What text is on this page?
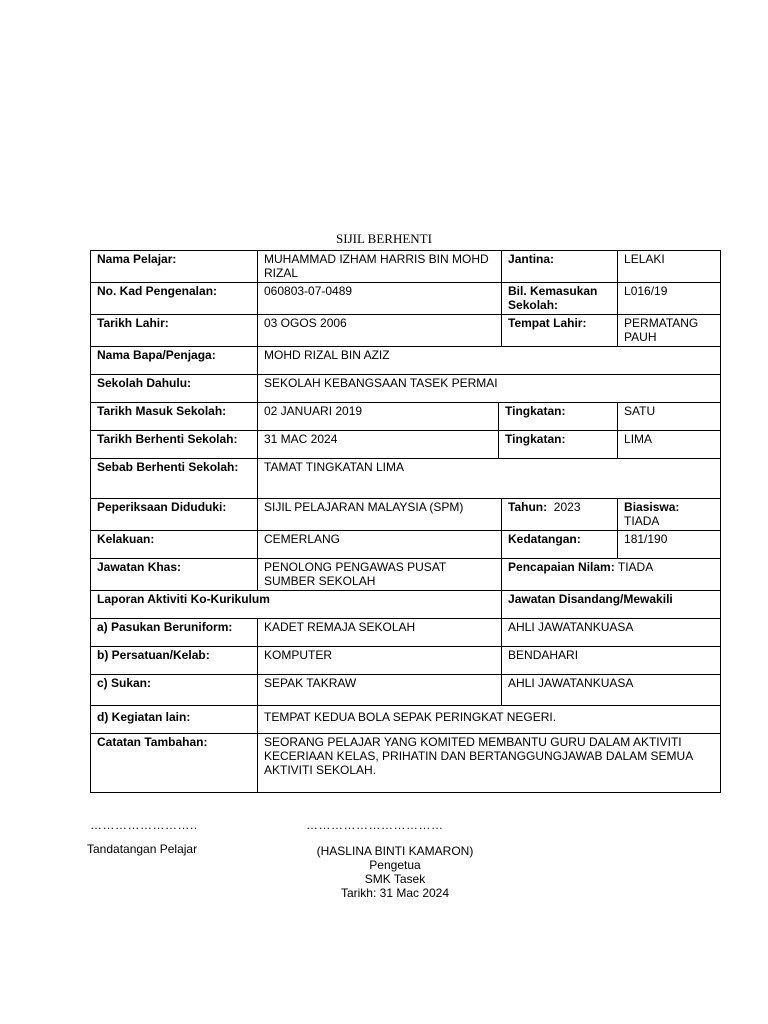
SIJIL BERHENTI
Nama Pelajar:	MUHAMMAD IZHAM HARRIS BIN MOHD RIZAL		Jantina:	LELAKI
No. Kad Pengenalan:	060803-07-0489		Bil. Kemasukan Sekolah:	L016/19
Tarikh Lahir:	03 OGOS 2006		Tempat Lahir:	PERMATANG PAUH
Nama Bapa/Penjaga:	MOHD RIZAL BIN AZIZ			
Sekolah Dahulu:	SEKOLAH KEBANGSAAN TASEK PERMAI			
Tarikh Masuk Sekolah:	02 JANUARI 2019	Tingkatan:		SATU
Tarikh Berhenti Sekolah:	31 MAC 2024	Tingkatan:		LIMA
Sebab Berhenti Sekolah:	TAMAT TINGKATAN LIMA			
Peperiksaan Diduduki:	SIJIL PELAJARAN MALAYSIA (SPM)		Tahun: 2023	Biasiswa:  TIADA
Kelakuan:	CEMERLANG		Kedatangan:	181/190
Jawatan Khas:	PENOLONG PENGAWAS PUSAT SUMBER SEKOLAH		Pencapaian Nilam: TIADA	
Laporan Aktiviti Ko-Kurikulum			Jawatan Disandang/Mewakili	
a) Pasukan Beruniform:	KADET REMAJA SEKOLAH		AHLI JAWATANKUASA	
b) Persatuan/Kelab:	KOMPUTER		BENDAHARI	
c) Sukan:	SEPAK TAKRAW		AHLI JAWATANKUASA	
d) Kegiatan lain:	TEMPAT KEDUA BOLA SEPAK PERINGKAT NEGERI.			
Catatan Tambahan:	SEORANG PELAJAR YANG KOMITED MEMBANTU GURU DALAM AKTIVITI KECERIAAN KELAS, PRIHATIN DAN BERTANGGUNGJAWAB DALAM SEMUA AKTIVITI SEKOLAH.			
……………………..
Tandatangan Pelajar
……………………………
(HASLINA BINTI KAMARON)
Pengetua
SMK Tasek
Tarikh: 31 Mac 2024
